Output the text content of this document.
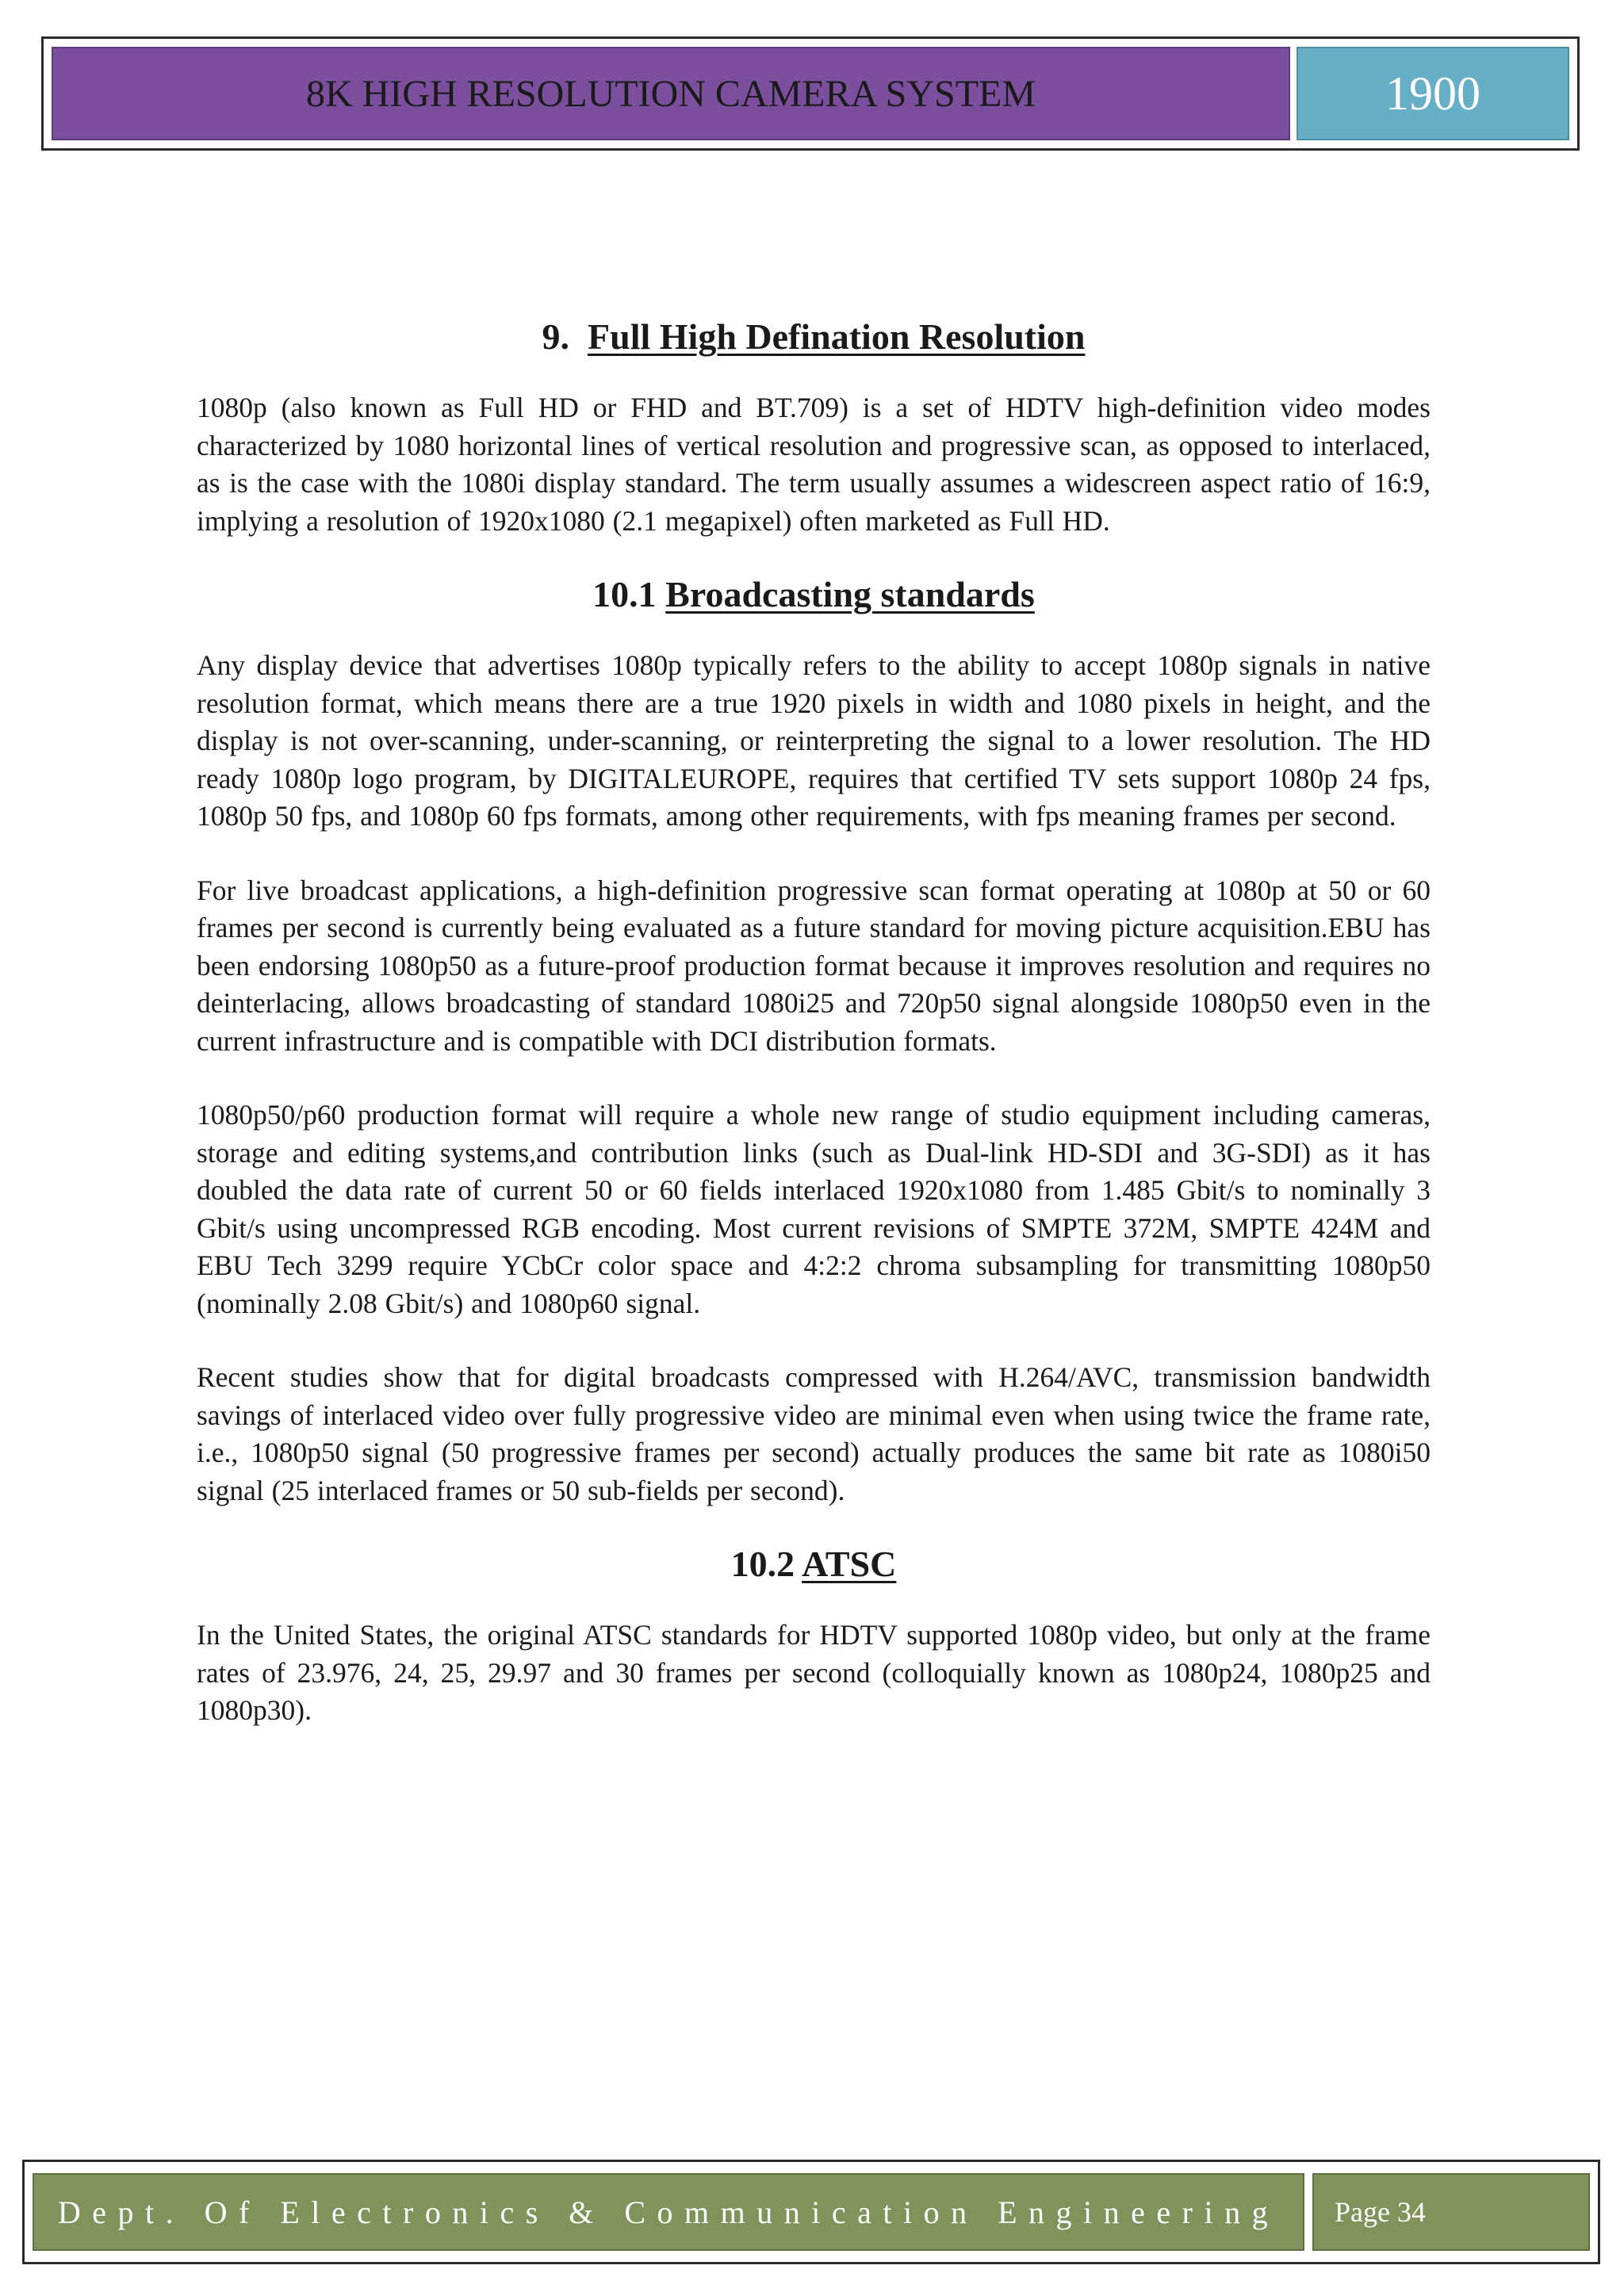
8K HIGH RESOLUTION CAMERA SYSTEM	1900
9. Full High Defination Resolution

1080p (also known as Full HD or FHD and BT.709) is a set of HDTV high-definition video modes characterized by 1080 horizontal lines of vertical resolution and progressive scan, as opposed to interlaced, as is the case with the 1080i display standard. The term usually assumes a widescreen aspect ratio of 16:9, implying a resolution of 1920x1080 (2.1 megapixel) often marketed as Full HD.

10.1 Broadcasting standards

Any display device that advertises 1080p typically refers to the ability to accept 1080p signals in native resolution format, which means there are a true 1920 pixels in width and 1080 pixels in height, and the display is not over-scanning, under-scanning, or reinterpreting the signal to a lower resolution. The HD ready 1080p logo program, by DIGITALEUROPE, requires that certified TV sets support 1080p 24 fps, 1080p 50 fps, and 1080p 60 fps formats, among other requirements, with fps meaning frames per second.

For live broadcast applications, a high-definition progressive scan format operating at 1080p at 50 or 60 frames per second is currently being evaluated as a future standard for moving picture acquisition.EBU has been endorsing 1080p50 as a future-proof production format because it improves resolution and requires no deinterlacing, allows broadcasting of standard 1080i25 and 720p50 signal alongside 1080p50 even in the current infrastructure and is compatible with DCI distribution formats.

1080p50/p60 production format will require a whole new range of studio equipment including cameras, storage and editing systems,and contribution links (such as Dual-link HD-SDI and 3G-SDI) as it has doubled the data rate of current 50 or 60 fields interlaced 1920x1080 from 1.485 Gbit/s to nominally 3 Gbit/s using uncompressed RGB encoding. Most current revisions of SMPTE 372M, SMPTE 424M and EBU Tech 3299 require YCbCr color space and 4:2:2 chroma subsampling for transmitting 1080p50 (nominally 2.08 Gbit/s) and 1080p60 signal.

Recent studies show that for digital broadcasts compressed with H.264/AVC, transmission bandwidth savings of interlaced video over fully progressive video are minimal even when using twice the frame rate, i.e., 1080p50 signal (50 progressive frames per second) actually produces the same bit rate as 1080i50 signal (25 interlaced frames or 50 sub-fields per second).

10.2 ATSC

In the United States, the original ATSC standards for HDTV supported 1080p video, but only at the frame rates of 23.976, 24, 25, 29.97 and 30 frames per second (colloquially known as 1080p24, 1080p25 and 1080p30).

Dept. Of Electronics & Communication Engineering Page 34
